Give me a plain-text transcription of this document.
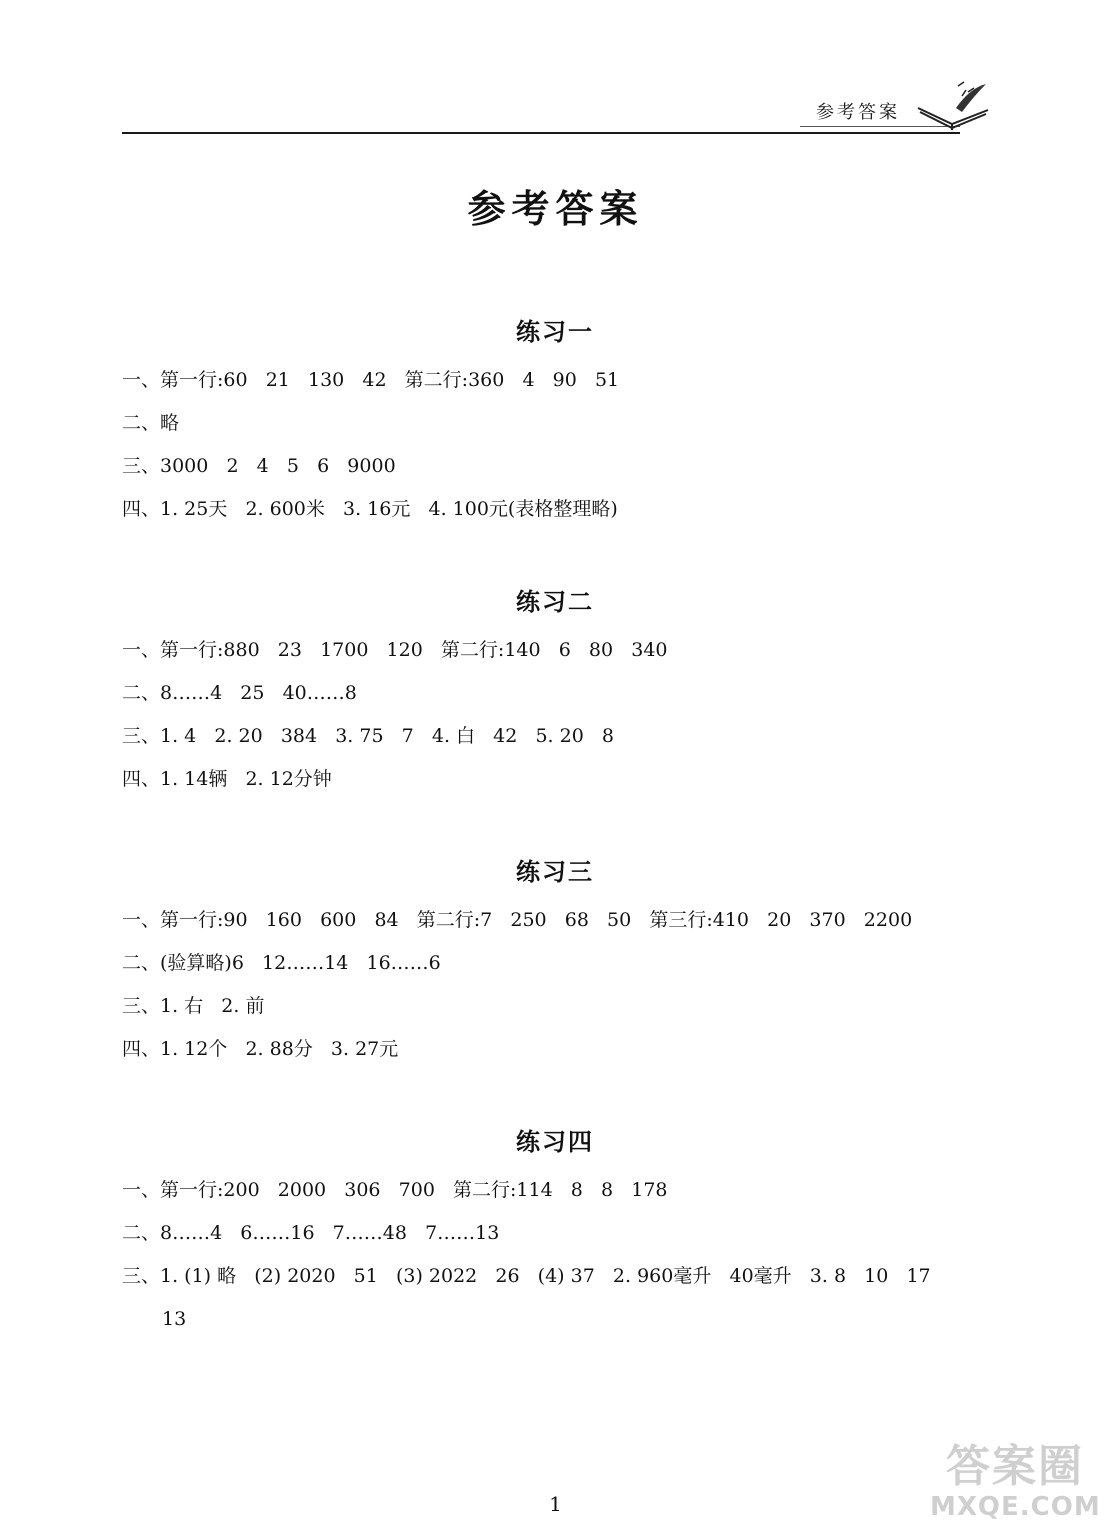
参考答案
参考答案
练习一
一、第一行:60   21   130   42   第二行:360   4   90   51
二、略
三、3000   2   4   5   6   9000
四、1. 25天   2. 600米   3. 16元   4. 100元(表格整理略)
练习二
一、第一行:880   23   1700   120   第二行:140   6   80   340
二、8……4   25   40……8
三、1. 4   2. 20   384   3. 75   7   4. 白   42   5. 20   8
四、1. 14辆   2. 12分钟
练习三
一、第一行:90   160   600   84   第二行:7   250   68   50   第三行:410   20   370   2200
二、(验算略)6   12……14   16……6
三、1. 右   2. 前
四、1. 12个   2. 88分   3. 27元
练习四
一、第一行:200   2000   306   700   第二行:114   8   8   178
二、8……4   6……16   7……48   7……13
三、1. (1) 略   (2) 2020   51   (3) 2022   26   (4) 37   2. 960毫升   40毫升   3. 8   10   17
13
1
答案圈
MXQE.COM
